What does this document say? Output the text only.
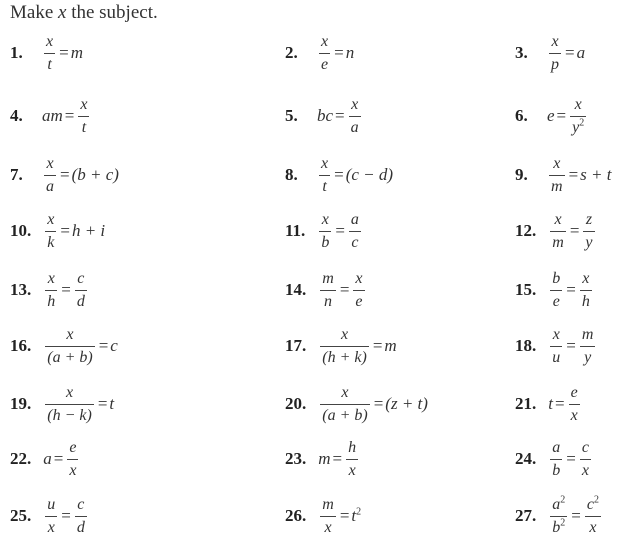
Make x the subject.
1.	$\frac{x}{t} = m$	2.	$\frac{x}{e} = n$	3.	$\frac{x}{p} = a$
4.	am = $\frac{x}{t}$	5.	bc = $\frac{x}{a}$	6.	$e = \frac{x}{y^2}$
7.	$\frac{x}{a} = (b + c)$	8.	$\frac{x}{t} = (c - d)$	9.	$\frac{x}{m} = s + t$
10. $\frac{x}{k} = h + i$	11. $\frac{x}{b} = \frac{a}{c}$	12. $\frac{x}{m} = \frac{z}{y}$
13. $\frac{x}{h} = \frac{c}{d}$	14. $\frac{m}{n} = \frac{x}{e}$	15. $\frac{b}{e} = \frac{x}{h}$
16. $\frac{x}{(a + b)} = c$	17. $\frac{x}{(h + k)} = m$	18. $\frac{x}{u} = \frac{m}{y}$
19. $\frac{x}{(h - k)} = t$	20. $\frac{x}{(a + b)} = (z + t)$	21. $t = \frac{e}{x}$
22. $a = \frac{e}{x}$	23. $m = \frac{h}{x}$	24. $\frac{a}{b} = \frac{c}{x}$
25. $\frac{u}{x} = \frac{c}{d}$	26. $\frac{m}{x} = t^2$	27. $\frac{a^2}{b^2} = \frac{c^2}{x}$
